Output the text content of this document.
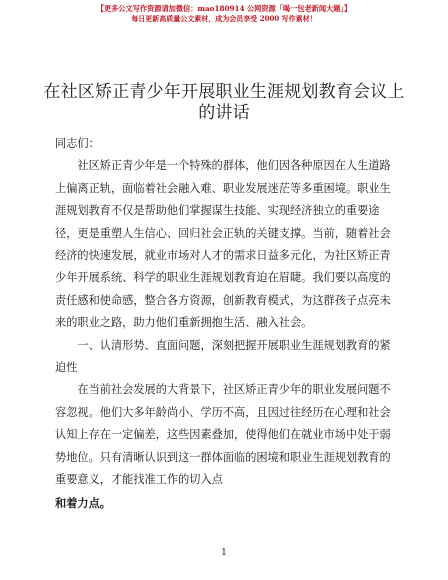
【更多公文写作资源请加微信：mao180914 公网资源「喝一包老新闻大题」】
每日更新高质量公文素材，成为会员享受 2000 写作素材！
在社区矫正青少年开展职业生涯规划教育会议上的讲话

同志们：

社区矫正青少年是一个特殊的群体，他们因各种原因在人生道路上偏离正轨，面临着社会融入难、职业发展迷茫等多重困境。职业生涯规划教育不仅是帮助他们掌握谋生技能、实现经济独立的重要途径，更是重塑人生信心、回归社会正轨的关键支撑。当前，随着社会经济的快速发展，就业市场对人才的需求日益多元化，为社区矫正青少年开展系统、科学的职业生涯规划教育迫在眉睫。我们要以高度的责任感和使命感，整合各方资源，创新教育模式，为这群孩子点亮未来的职业之路，助力他们重新拥抱生活、融入社会。

一、认清形势、直面问题，深刻把握开展职业生涯规划教育的紧迫性

在当前社会发展的大背景下，社区矫正青少年的职业发展问题不容忽视。他们大多年龄尚小、学历不高，且因过往经历在心理和社会认知上存在一定偏差，这些因素叠加，使得他们在就业市场中处于弱势地位。只有清晰认识到这一群体面临的困境和职业生涯规划教育的重要意义，才能找准工作的切入点
和着力点。

1
